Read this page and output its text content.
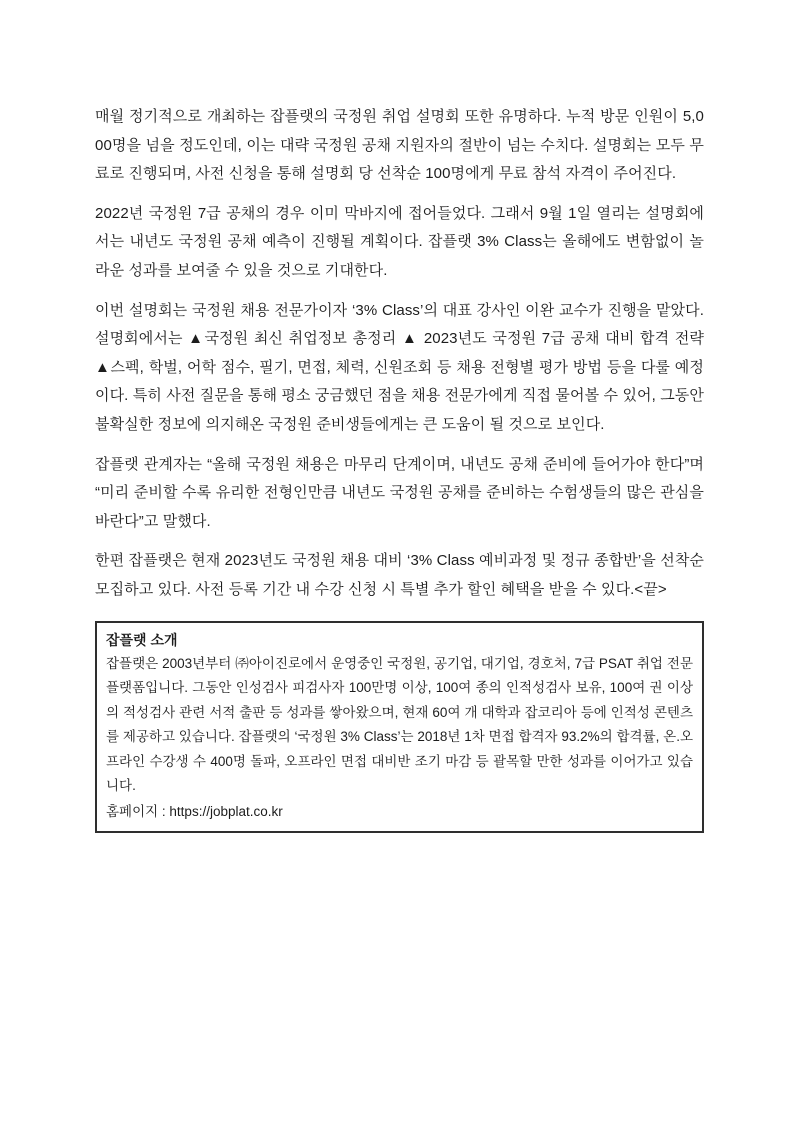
매월 정기적으로 개최하는 잡플랫의 국정원 취업 설명회 또한 유명하다. 누적 방문 인원이 5,000명을 넘을 정도인데, 이는 대략 국정원 공채 지원자의 절반이 넘는 수치다. 설명회는 모두 무료로 진행되며, 사전 신청을 통해 설명회 당 선착순 100명에게 무료 참석 자격이 주어진다.

2022년 국정원 7급 공채의 경우 이미 막바지에 접어들었다. 그래서 9월 1일 열리는 설명회에서는 내년도 국정원 공채 예측이 진행될 계획이다. 잡플랫 3% Class는 올해에도 변함없이 놀라운 성과를 보여줄 수 있을 것으로 기대한다.

이번 설명회는 국정원 채용 전문가이자 ‘3% Class’의 대표 강사인 이완 교수가 진행을 맡았다. 설명회에서는 ▲국정원 최신 취업정보 총정리 ▲ 2023년도 국정원 7급 공채 대비 합격 전략 ▲스펙, 학벌, 어학 점수, 필기, 면접, 체력, 신원조회 등 채용 전형별 평가 방법 등을 다룰 예정이다. 특히 사전 질문을 통해 평소 궁금했던 점을 채용 전문가에게 직접 물어볼 수 있어, 그동안 불확실한 정보에 의지해온 국정원 준비생들에게는 큰 도움이 될 것으로 보인다.

잡플랫 관계자는 “올해 국정원 채용은 마무리 단계이며, 내년도 공채 준비에 들어가야 한다”며 “미리 준비할 수록 유리한 전형인만큼 내년도 국정원 공채를 준비하는 수험생들의 많은 관심을 바란다”고 말했다.

한편 잡플랫은 현재 2023년도 국정원 채용 대비 ‘3% Class 예비과정 및 정규 종합반’을 선착순 모집하고 있다. 사전 등록 기간 내 수강 신청 시 특별 추가 할인 혜택을 받을 수 있다.<끝>

잡플랫 소개
잡플랫은 2003년부터 ㈜아이진로에서 운영중인 국정원, 공기업, 대기업, 경호처, 7급 PSAT 취업 전문 플랫폼입니다. 그동안 인성검사 피검사자 100만명 이상, 100여 종의 인적성검사 보유, 100여 권 이상의 적성검사 관련 서적 출판 등 성과를 쌓아왔으며, 현재 60여 개 대학과 잡코리아 등에 인적성 콘텐츠를 제공하고 있습니다. 잡플랫의 ‘국정원 3% Class’는 2018년 1차 면접 합격자 93.2%의 합격률, 온.오프라인 수강생 수 400명 돌파, 오프라인 면접 대비반 조기 마감 등 괄목할 만한 성과를 이어가고 있습니다.
홈페이지 : https://jobplat.co.kr
